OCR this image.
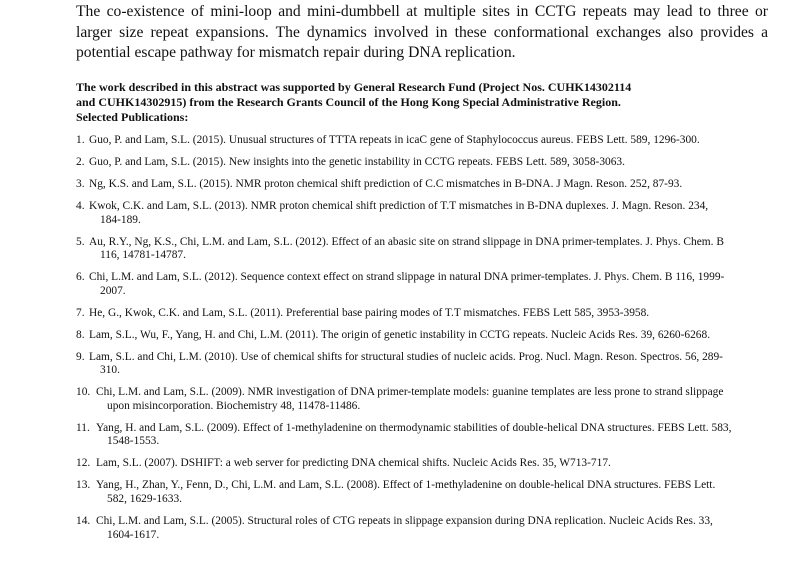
The co-existence of mini-loop and mini-dumbbell at multiple sites in CCTG repeats may lead to three or larger size repeat expansions. The dynamics involved in these conformational exchanges also provides a potential escape pathway for mismatch repair during DNA replication.

The work described in this abstract was supported by General Research Fund (Project Nos. CUHK14302114
and CUHK14302915) from the Research Grants Council of the Hong Kong Special Administrative Region.
Selected Publications:
1. Guo, P. and Lam, S.L. (2015). Unusual structures of TTTA repeats in icaC gene of Staphylococcus aureus. FEBS Lett. 589, 1296-300.
2. Guo, P. and Lam, S.L. (2015). New insights into the genetic instability in CCTG repeats. FEBS Lett. 589, 3058-3063.
3. Ng, K.S. and Lam, S.L. (2015). NMR proton chemical shift prediction of C.C mismatches in B-DNA. J Magn. Reson. 252, 87-93.
4. Kwok, C.K. and Lam, S.L. (2013). NMR proton chemical shift prediction of T.T mismatches in B-DNA duplexes. J. Magn. Reson. 234,
184-189.
5. Au, R.Y., Ng, K.S., Chi, L.M. and Lam, S.L. (2012). Effect of an abasic site on strand slippage in DNA primer-templates. J. Phys. Chem. B
116, 14781-14787.
6. Chi, L.M. and Lam, S.L. (2012). Sequence context effect on strand slippage in natural DNA primer-templates. J. Phys. Chem. B 116, 1999-
2007.
7. He, G., Kwok, C.K. and Lam, S.L. (2011). Preferential base pairing modes of T.T mismatches. FEBS Lett 585, 3953-3958.
8. Lam, S.L., Wu, F., Yang, H. and Chi, L.M. (2011). The origin of genetic instability in CCTG repeats. Nucleic Acids Res. 39, 6260-6268.
9. Lam, S.L. and Chi, L.M. (2010). Use of chemical shifts for structural studies of nucleic acids. Prog. Nucl. Magn. Reson. Spectros. 56, 289-
310.
10. Chi, L.M. and Lam, S.L. (2009). NMR investigation of DNA primer-template models: guanine templates are less prone to strand slippage
upon misincorporation. Biochemistry 48, 11478-11486.
11. Yang, H. and Lam, S.L. (2009). Effect of 1-methyladenine on thermodynamic stabilities of double-helical DNA structures. FEBS Lett. 583,
1548-1553.
12. Lam, S.L. (2007). DSHIFT: a web server for predicting DNA chemical shifts. Nucleic Acids Res. 35, W713-717.
13. Yang, H., Zhan, Y., Fenn, D., Chi, L.M. and Lam, S.L. (2008). Effect of 1-methyladenine on double-helical DNA structures. FEBS Lett.
582, 1629-1633.
14. Chi, L.M. and Lam, S.L. (2005). Structural roles of CTG repeats in slippage expansion during DNA replication. Nucleic Acids Res. 33,
1604-1617.
